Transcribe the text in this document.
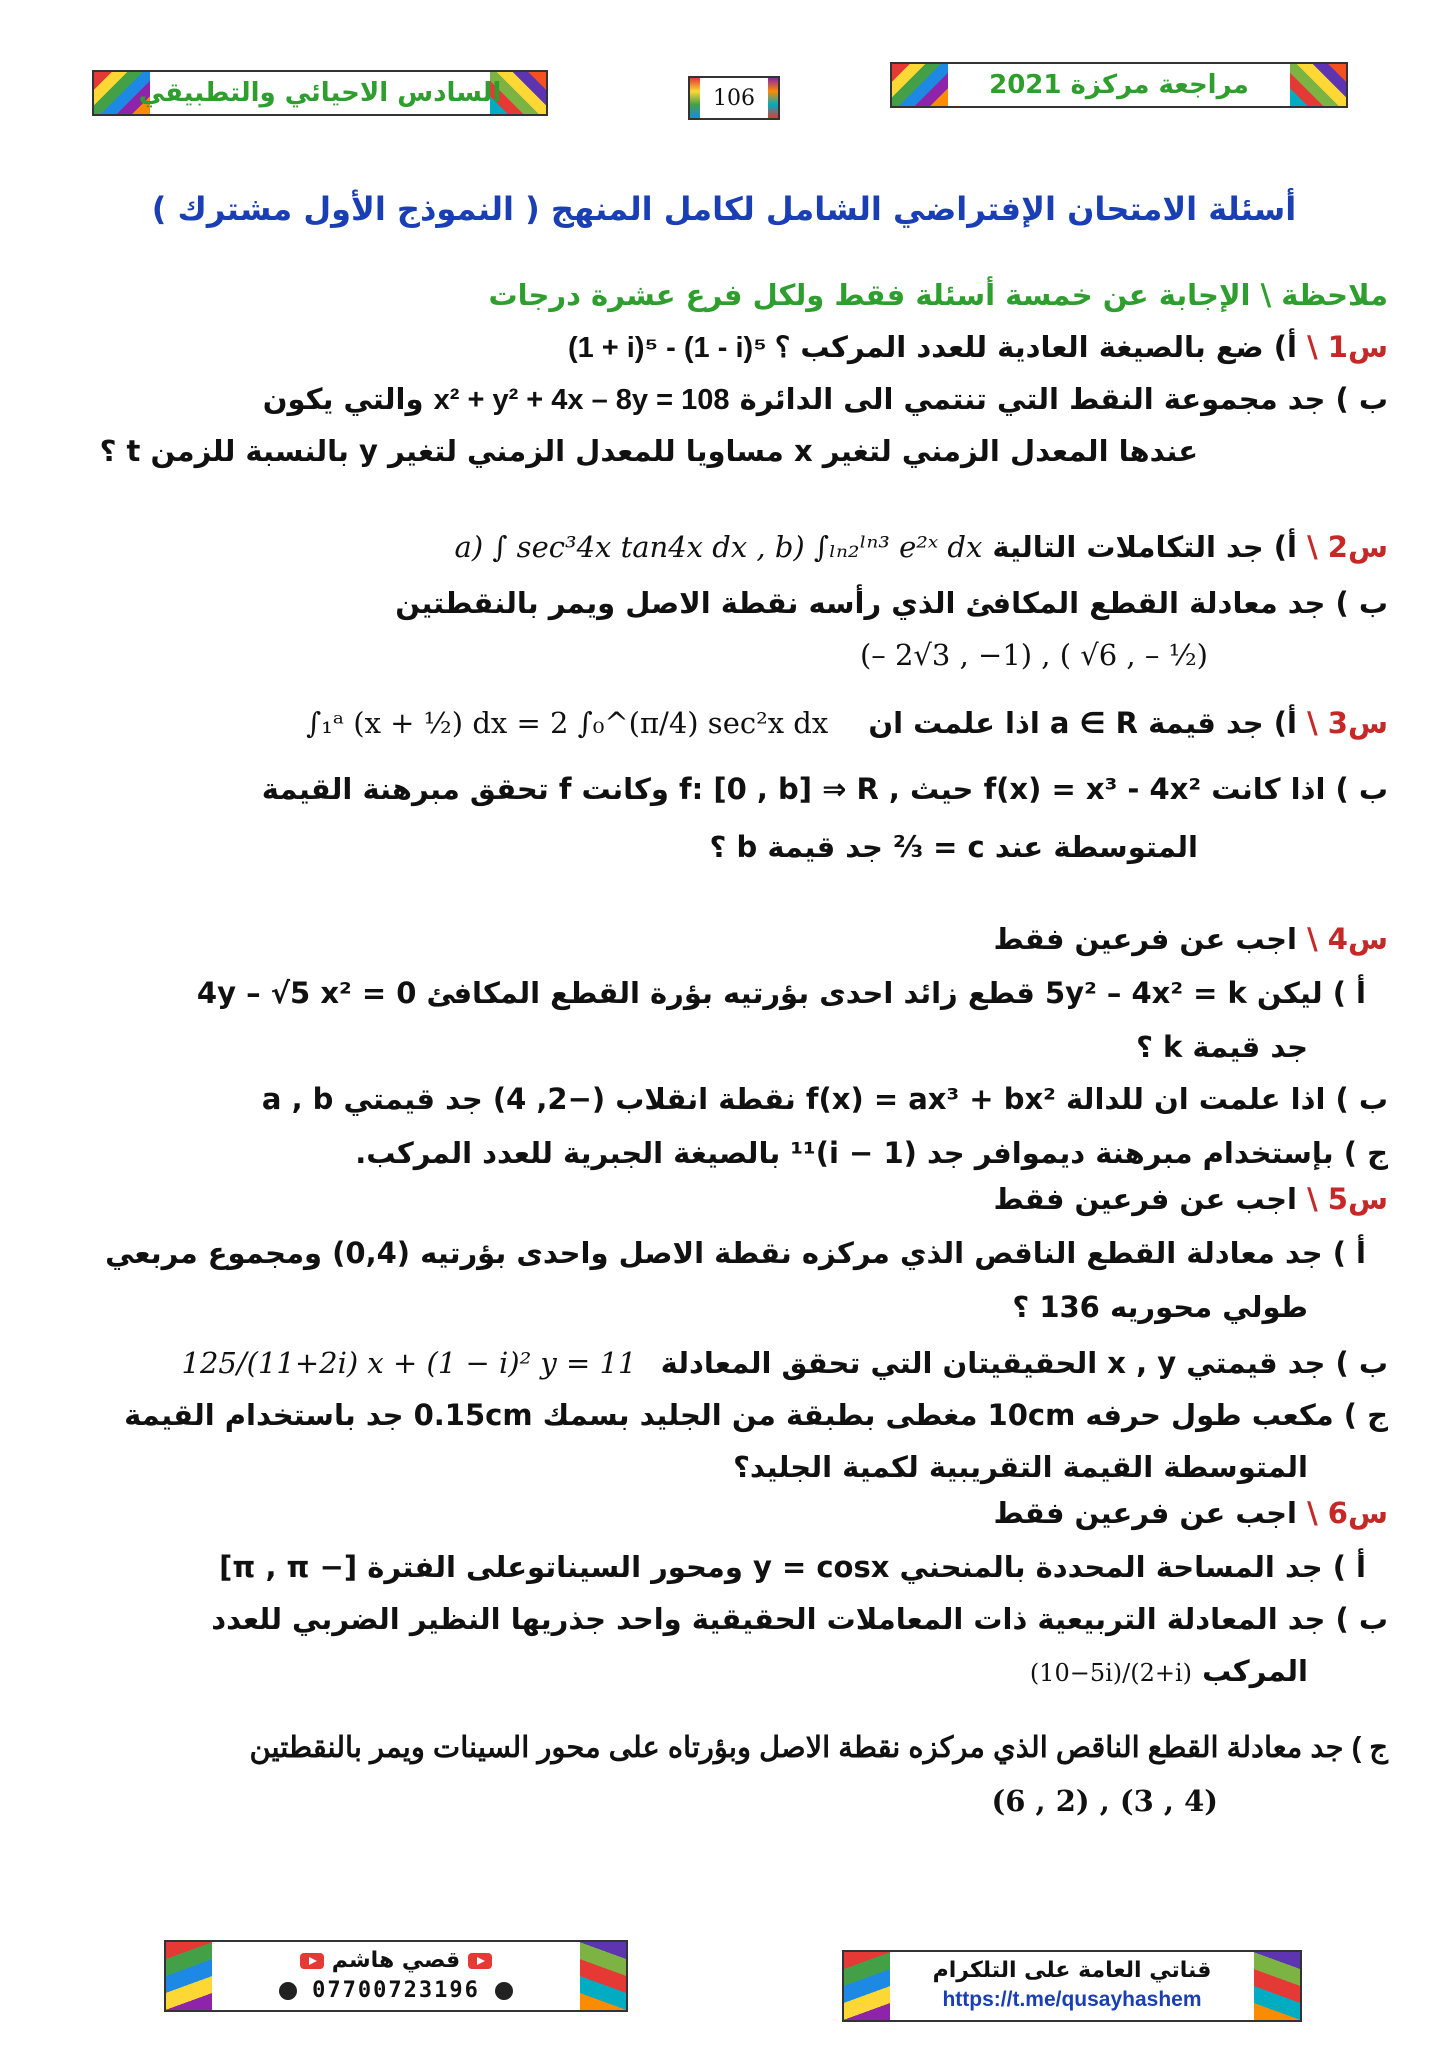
السادس الاحيائي والتطبيقي	106	مراجعة مركزة 2021
أسئلة الامتحان الإفتراضي الشامل لكامل المنهج ( النموذج الأول مشترك )
ملاحظة \ الإجابة عن خمسة أسئلة فقط ولكل فرع عشرة درجات
س1 \ أ) ضع بالصيغة العادية للعدد المركب (1 + i)⁵ - (1 - i)⁵ ؟
ب ) جد مجموعة النقط التي تنتمي الى الدائرة x² + y² + 4x – 8y = 108 والتي يكون
عندها المعدل الزمني لتغير x مساويا للمعدل الزمني لتغير y بالنسبة للزمن t ؟
س2 \ أ) جد التكاملات التالية a) ∫ sec³4x tan4x dx , b) ∫ₗₙ₂ˡⁿ³ e²ˣ dx
ب ) جد معادلة القطع المكافئ الذي رأسه نقطة الاصل ويمر بالنقطتين
(– 2√3 , −1) , ( √6 , – ½)
س3 \ أ) جد قيمة a ∈ R اذا علمت ان ∫₁ᵃ (x + ½) dx = 2 ∫₀^(π/4) sec²x dx
ب ) اذا كانت f(x) = x³ - 4x² حيث , f: [0 , b] ⇒ R وكانت f تحقق مبرهنة القيمة
المتوسطة عند c = ⅔ جد قيمة b ؟
س4 \ اجب عن فرعين فقط
أ ) ليكن 5y² – 4x² = k قطع زائد احدى بؤرتيه بؤرة القطع المكافئ 4y – √5 x² = 0
جد قيمة k ؟
ب ) اذا علمت ان للدالة f(x) = ax³ + bx² نقطة انقلاب (−2, 4) جد قيمتي a , b
ج ) بإستخدام مبرهنة ديموافر جد (1 − i)¹¹ بالصيغة الجبرية للعدد المركب.
س5 \ اجب عن فرعين فقط
أ ) جد معادلة القطع الناقص الذي مركزه نقطة الاصل واحدى بؤرتيه (0,4) ومجموع مربعي
طولي محوريه 136 ؟
ب ) جد قيمتي x , y الحقيقيتان التي تحقق المعادلة 125/(11+2i) x + (1 − i)² y = 11
ج ) مكعب طول حرفه 10cm مغطى بطبقة من الجليد بسمك 0.15cm جد باستخدام القيمة
المتوسطة القيمة التقريبية لكمية الجليد؟
س6 \ اجب عن فرعين فقط
أ ) جد المساحة المحددة بالمنحني y = cosx ومحور السيناتوعلى الفترة [− π , π]
ب ) جد المعادلة التربيعية ذات المعاملات الحقيقية واحد جذريها النظير الضربي للعدد
المركب (10−5i)/(2+i)
ج ) جد معادلة القطع الناقص الذي مركزه نقطة الاصل وبؤرتاه على محور السينات ويمر بالنقطتين
(6 , 2) , (3 , 4)
قصي هاشم
07700723196
قناتي العامة على التلكرام
https://t.me/qusayhashem
